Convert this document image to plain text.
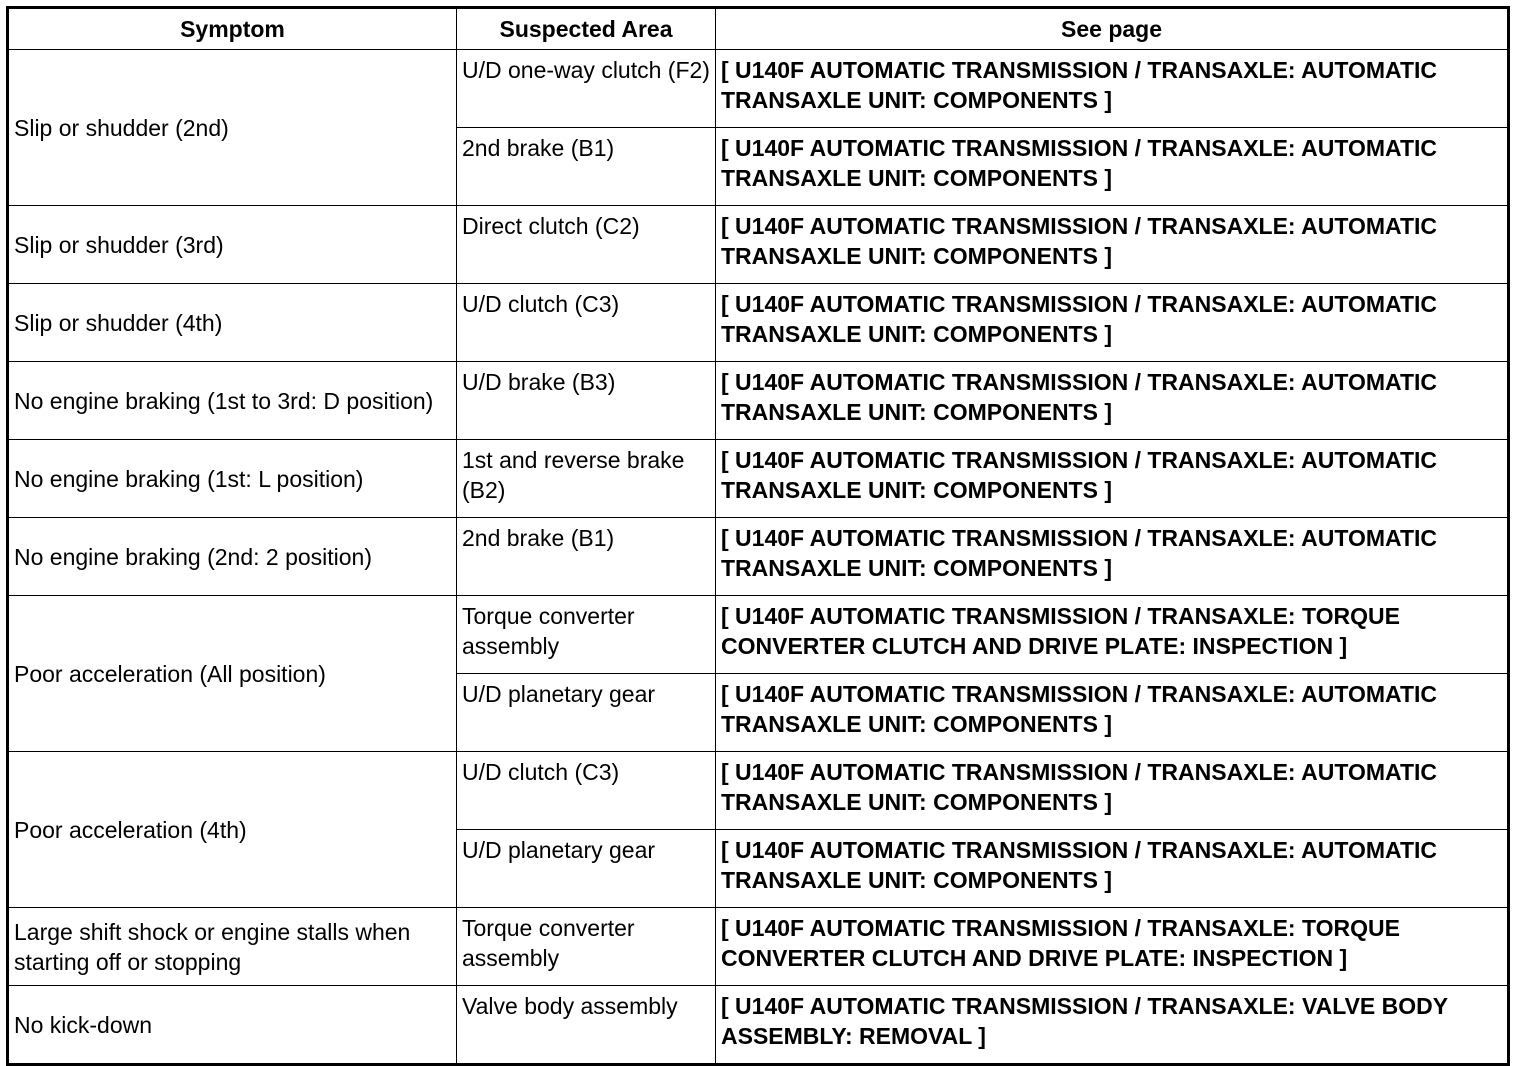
Symptom	Suspected Area	See page
Slip or shudder (2nd)	U/D one-way clutch (F2)	[ U140F AUTOMATIC TRANSMISSION / TRANSAXLE: AUTOMATIC TRANSAXLE UNIT: COMPONENTS ]
	2nd brake (B1)	[ U140F AUTOMATIC TRANSMISSION / TRANSAXLE: AUTOMATIC TRANSAXLE UNIT: COMPONENTS ]
Slip or shudder (3rd)	Direct clutch (C2)	[ U140F AUTOMATIC TRANSMISSION / TRANSAXLE: AUTOMATIC TRANSAXLE UNIT: COMPONENTS ]
Slip or shudder (4th)	U/D clutch (C3)	[ U140F AUTOMATIC TRANSMISSION / TRANSAXLE: AUTOMATIC TRANSAXLE UNIT: COMPONENTS ]
No engine braking (1st to 3rd: D position)	U/D brake (B3)	[ U140F AUTOMATIC TRANSMISSION / TRANSAXLE: AUTOMATIC TRANSAXLE UNIT: COMPONENTS ]
No engine braking (1st: L position)	1st and reverse brake (B2)	[ U140F AUTOMATIC TRANSMISSION / TRANSAXLE: AUTOMATIC TRANSAXLE UNIT: COMPONENTS ]
No engine braking (2nd: 2 position)	2nd brake (B1)	[ U140F AUTOMATIC TRANSMISSION / TRANSAXLE: AUTOMATIC TRANSAXLE UNIT: COMPONENTS ]
Poor acceleration (All position)	Torque converter assembly	[ U140F AUTOMATIC TRANSMISSION / TRANSAXLE: TORQUE CONVERTER CLUTCH AND DRIVE PLATE: INSPECTION ]
	U/D planetary gear	[ U140F AUTOMATIC TRANSMISSION / TRANSAXLE: AUTOMATIC TRANSAXLE UNIT: COMPONENTS ]
Poor acceleration (4th)	U/D clutch (C3)	[ U140F AUTOMATIC TRANSMISSION / TRANSAXLE: AUTOMATIC TRANSAXLE UNIT: COMPONENTS ]
	U/D planetary gear	[ U140F AUTOMATIC TRANSMISSION / TRANSAXLE: AUTOMATIC TRANSAXLE UNIT: COMPONENTS ]
Large shift shock or engine stalls when starting off or stopping	Torque converter assembly	[ U140F AUTOMATIC TRANSMISSION / TRANSAXLE: TORQUE CONVERTER CLUTCH AND DRIVE PLATE: INSPECTION ]
No kick-down	Valve body assembly	[ U140F AUTOMATIC TRANSMISSION / TRANSAXLE: VALVE BODY ASSEMBLY: REMOVAL ]
